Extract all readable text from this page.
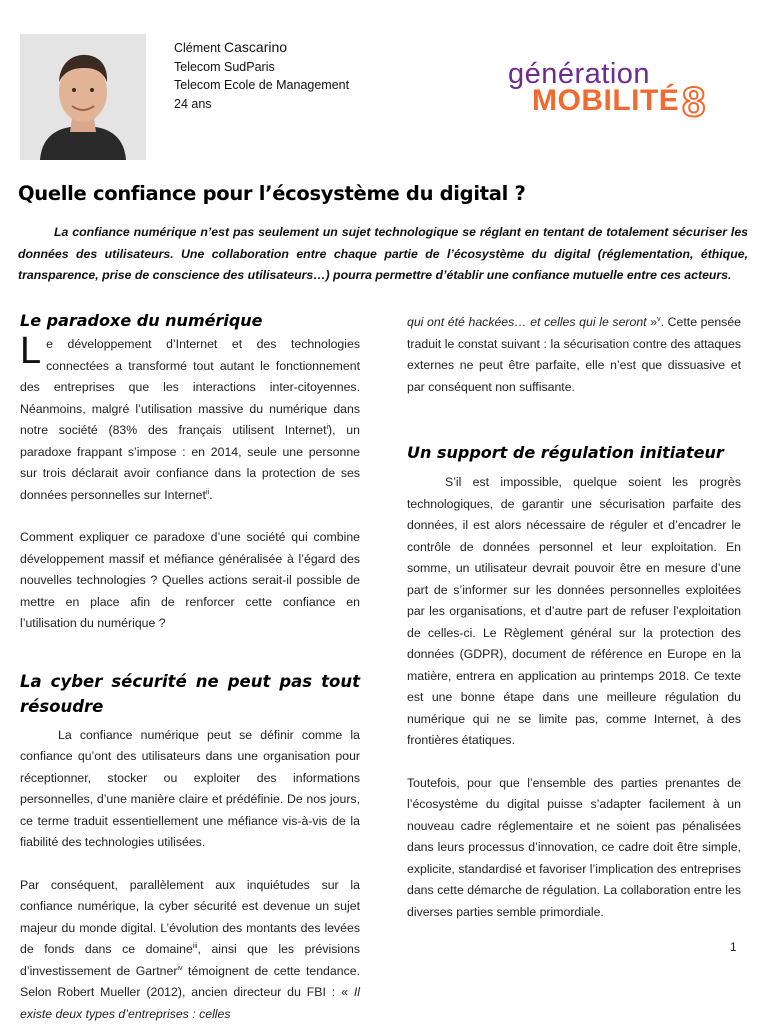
Clément Cascarino
Telecom SudParis
Telecom Ecole de Management
24 ans
génération
MOBILITÉ 8
Quelle confiance pour l’écosystème du digital ?
La confiance numérique n’est pas seulement un sujet technologique se réglant en tentant de totalement sécuriser les données des utilisateurs. Une collaboration entre chaque partie de l’écosystème du digital (réglementation, éthique, transparence, prise de conscience des utilisateurs…) pourra permettre d’établir une confiance mutuelle entre ces acteurs.
Le paradoxe du numérique

Le développement d’Internet et des technologies connectées a transformé tout autant le fonctionnement des entreprises que les interactions inter-citoyennes. Néanmoins, malgré l’utilisation massive du numérique dans notre société (83% des français utilisent Internet$^i$), un paradoxe frappant s’impose : en 2014, seule une personne sur trois déclarait avoir confiance dans la protection de ses données personnelles sur Internet$^{ii}$.

Comment expliquer ce paradoxe d’une société qui combine développement massif et méfiance généralisée à l’égard des nouvelles technologies ? Quelles actions serait-il possible de mettre en place afin de renforcer cette confiance en l’utilisation du numérique ?

La cyber sécurité ne peut pas tout résoudre

La confiance numérique peut se définir comme la confiance qu’ont des utilisateurs dans une organisation pour réceptionner, stocker ou exploiter des informations personnelles, d’une manière claire et prédéfinie. De nos jours, ce terme traduit essentiellement une méfiance vis-à-vis de la fiabilité des technologies utilisées.

Par conséquent, parallèlement aux inquiétudes sur la confiance numérique, la cyber sécurité est devenue un sujet majeur du monde digital. L’évolution des montants des levées de fonds dans ce domaine$^{iii}$, ainsi que les prévisions d’investissement de Gartner$^{iv}$ témoignent de cette tendance. Selon Robert Mueller (2012), ancien directeur du FBI : « Il existe deux types d’entreprises : celles

qui ont été hackées… et celles qui le seront »$^v$. Cette pensée traduit le constat suivant : la sécurisation contre des attaques externes ne peut être parfaite, elle n’est que dissuasive et par conséquent non suffisante.

Un support de régulation initiateur

S’il est impossible, quelque soient les progrès technologiques, de garantir une sécurisation parfaite des données, il est alors nécessaire de réguler et d’encadrer le contrôle de données personnel et leur exploitation. En somme, un utilisateur devrait pouvoir être en mesure d’une part de s’informer sur les données personnelles exploitées par les organisations, et d’autre part de refuser l’exploitation de celles-ci. Le Règlement général sur la protection des données (GDPR), document de référence en Europe en la matière, entrera en application au printemps 2018. Ce texte est une bonne étape dans une meilleure régulation du numérique qui ne se limite pas, comme Internet, à des frontières étatiques.

Toutefois, pour que l’ensemble des parties prenantes de l’écosystème du digital puisse s’adapter facilement à un nouveau cadre réglementaire et ne soient pas pénalisées dans leurs processus d’innovation, ce cadre doit être simple, explicite, standardisé et favoriser l’implication des entreprises dans cette démarche de régulation. La collaboration entre les diverses parties semble primordiale.

1
